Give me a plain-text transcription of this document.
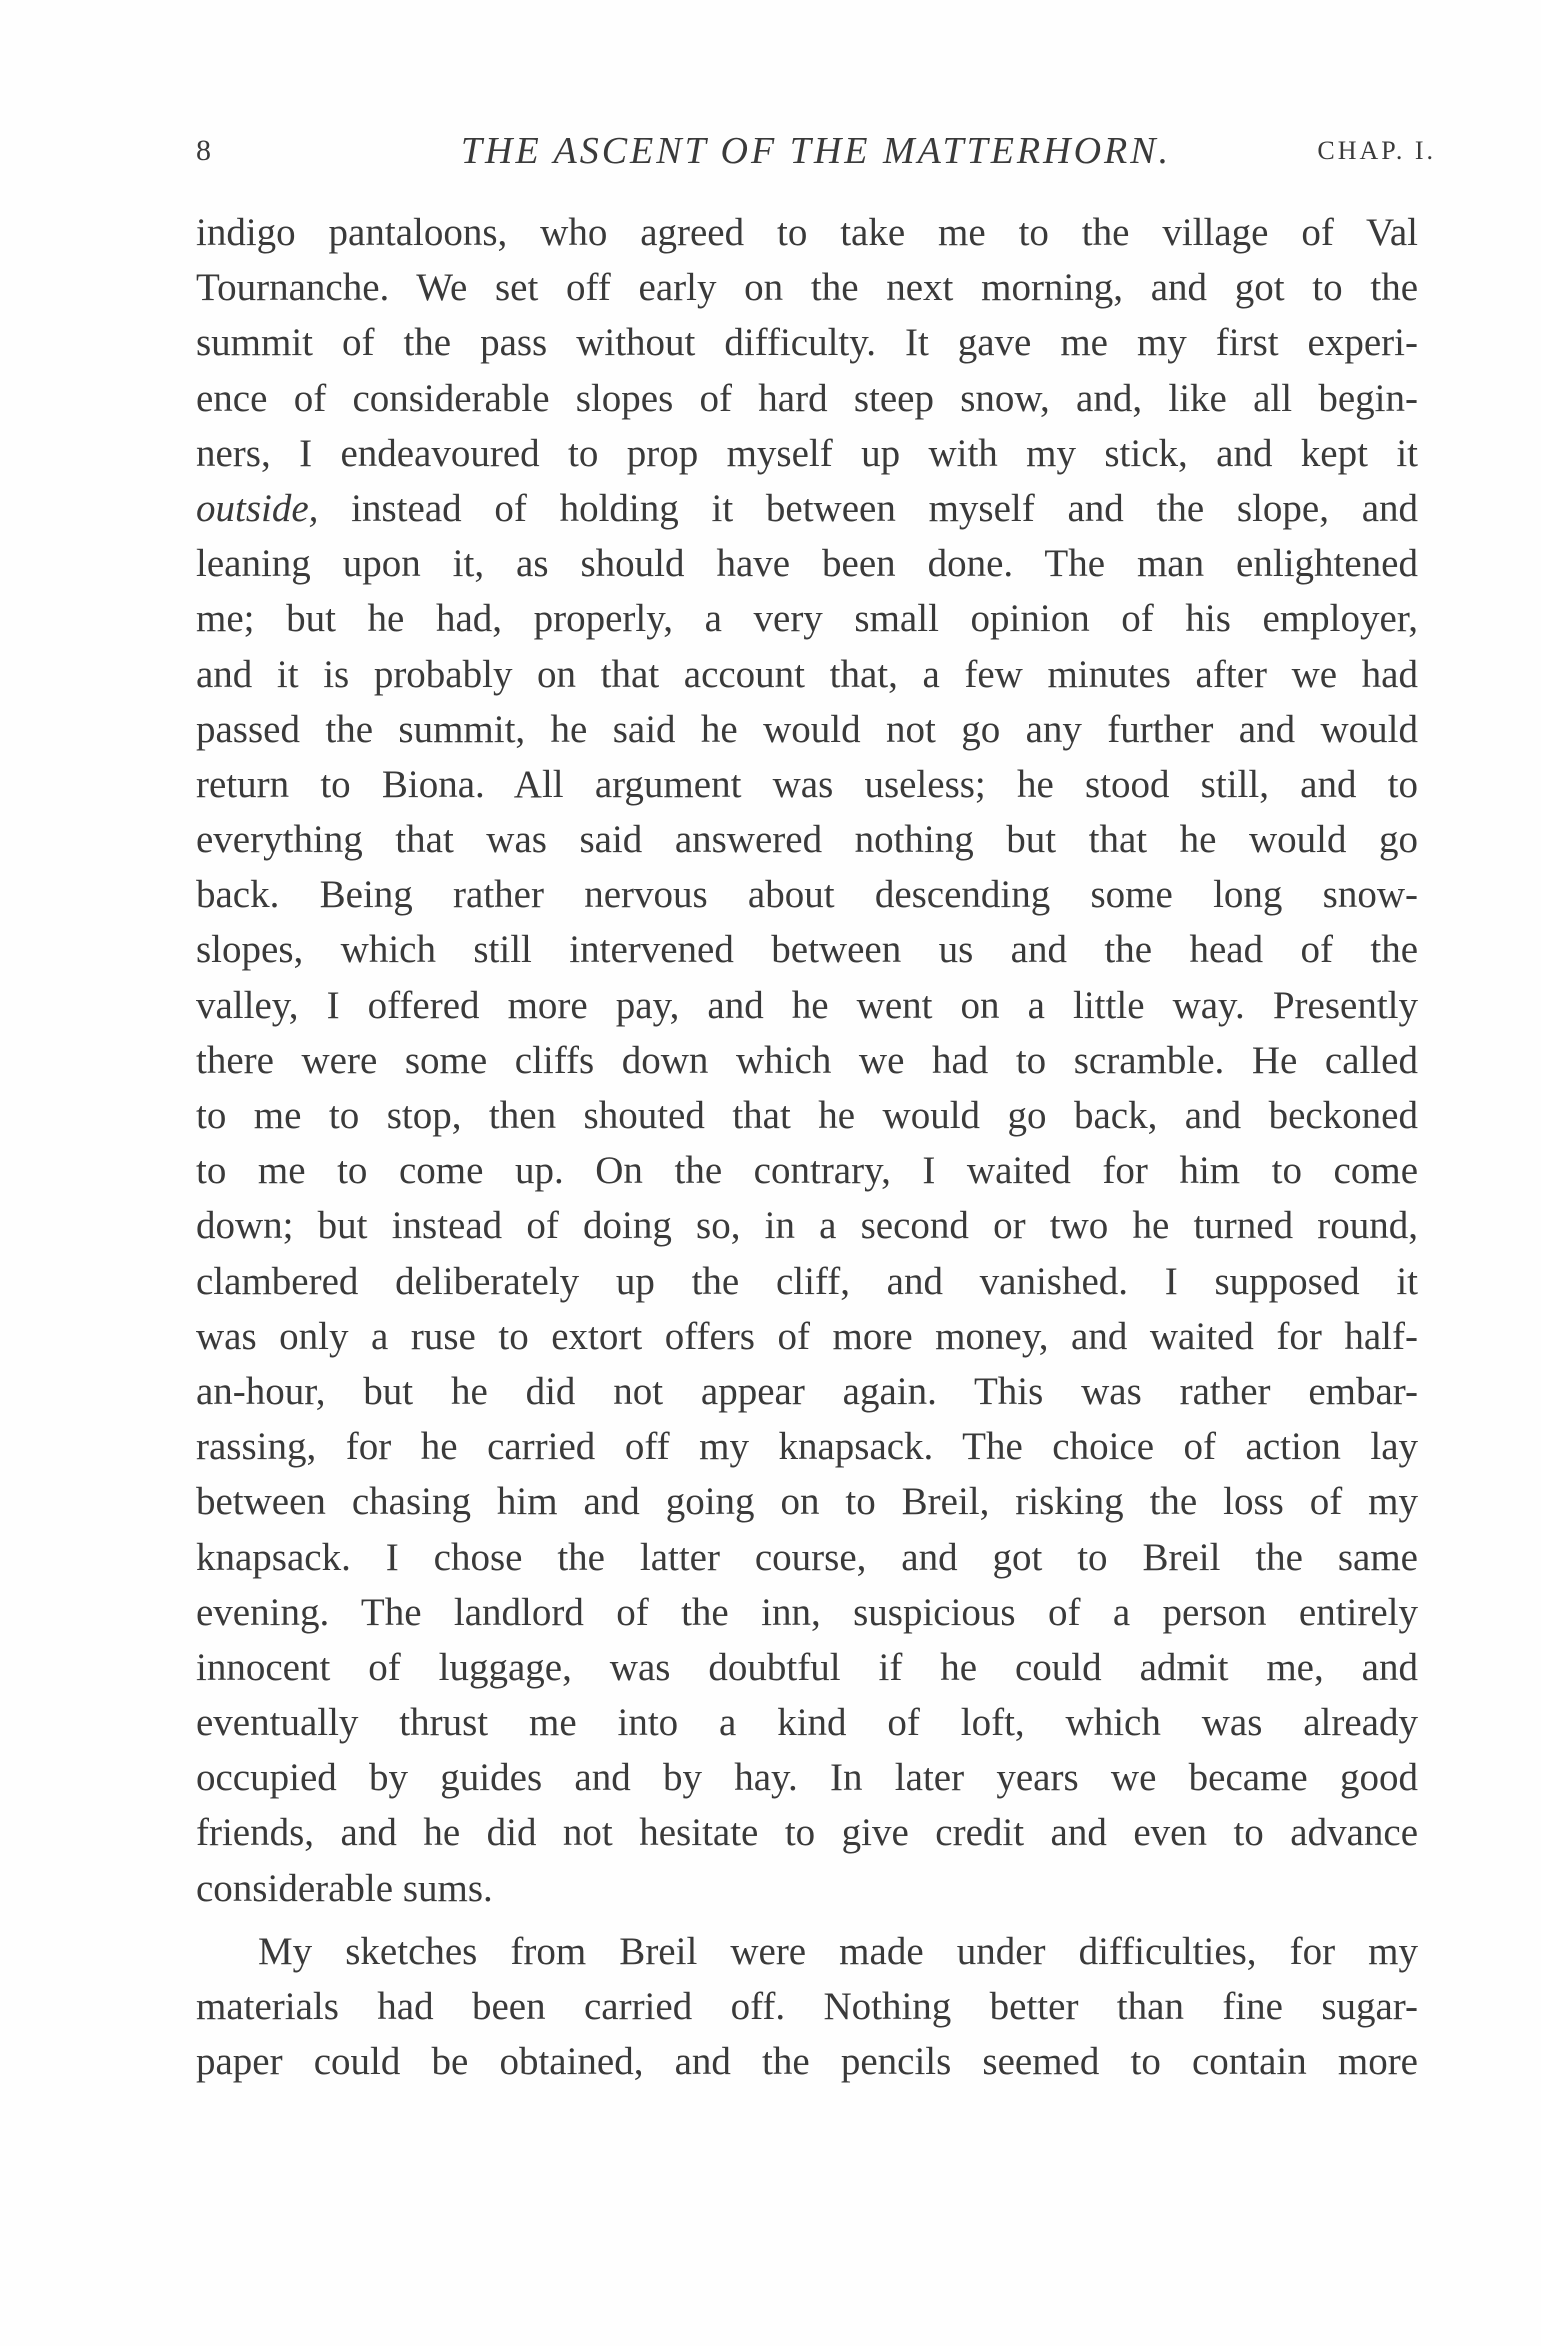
8	THE ASCENT OF THE MATTERHORN.	CHAP. I.
indigo pantaloons, who agreed to take me to the village of Val
Tournanche. We set off early on the next morning, and got to the
summit of the pass without difficulty. It gave me my first experi-
ence of considerable slopes of hard steep snow, and, like all begin-
ners, I endeavoured to prop myself up with my stick, and kept it
outside, instead of holding it between myself and the slope, and
leaning upon it, as should have been done. The man enlightened
me; but he had, properly, a very small opinion of his employer,
and it is probably on that account that, a few minutes after we had
passed the summit, he said he would not go any further and would
return to Biona. All argument was useless; he stood still, and to
everything that was said answered nothing but that he would go
back. Being rather nervous about descending some long snow-
slopes, which still intervened between us and the head of the
valley, I offered more pay, and he went on a little way. Presently
there were some cliffs down which we had to scramble. He called
to me to stop, then shouted that he would go back, and beckoned
to me to come up. On the contrary, I waited for him to come
down; but instead of doing so, in a second or two he turned round,
clambered deliberately up the cliff, and vanished. I supposed it
was only a ruse to extort offers of more money, and waited for half-
an-hour, but he did not appear again. This was rather embar-
rassing, for he carried off my knapsack. The choice of action lay
between chasing him and going on to Breil, risking the loss of my
knapsack. I chose the latter course, and got to Breil the same
evening. The landlord of the inn, suspicious of a person entirely
innocent of luggage, was doubtful if he could admit me, and
eventually thrust me into a kind of loft, which was already
occupied by guides and by hay. In later years we became good
friends, and he did not hesitate to give credit and even to advance
considerable sums.
My sketches from Breil were made under difficulties, for my
materials had been carried off. Nothing better than fine sugar-
paper could be obtained, and the pencils seemed to contain more
